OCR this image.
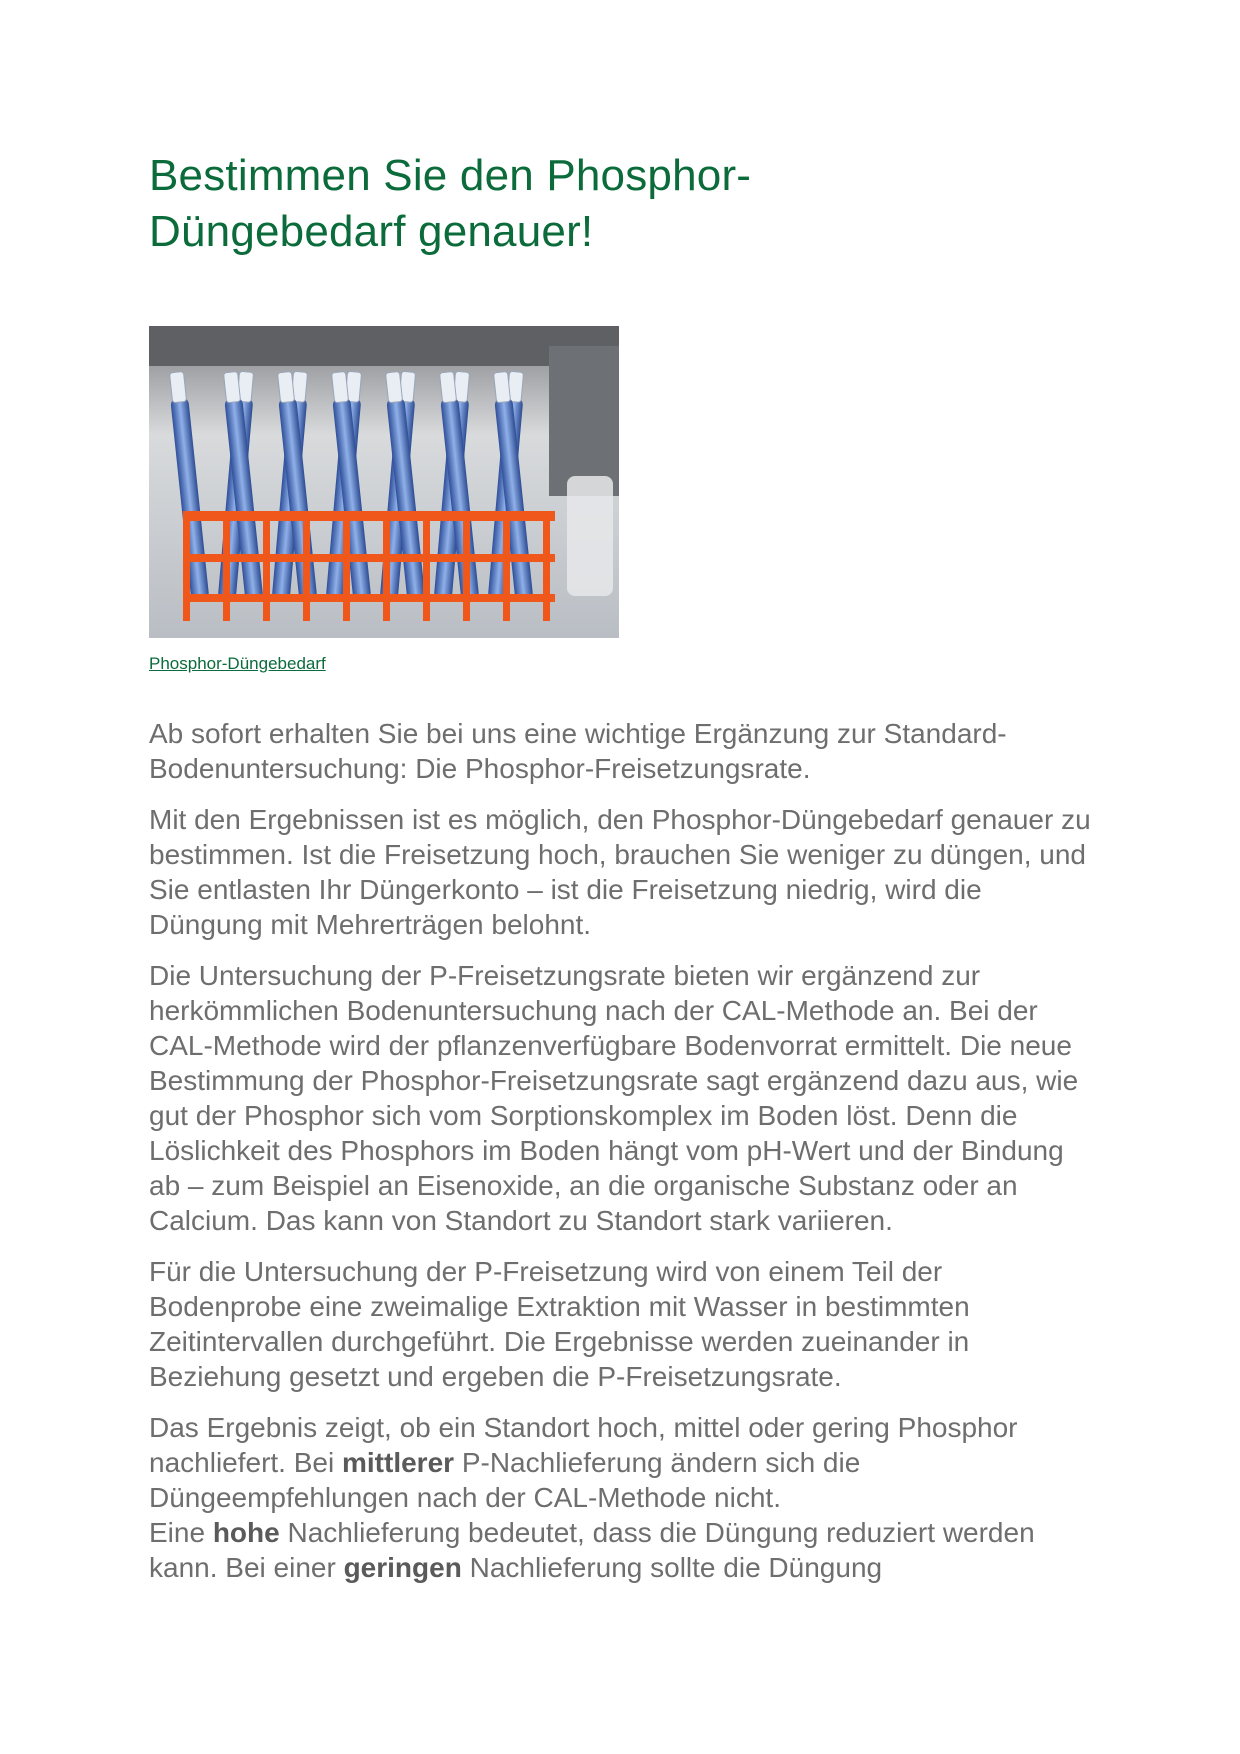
Bestimmen Sie den Phosphor-Düngebedarf genauer!
Phosphor-Düngebedarf

Ab sofort erhalten Sie bei uns eine wichtige Ergänzung zur Standard-Bodenuntersuchung: Die Phosphor-Freisetzungsrate.

Mit den Ergebnissen ist es möglich, den Phosphor-Düngebedarf genauer zu bestimmen. Ist die Freisetzung hoch, brauchen Sie weniger zu düngen, und Sie entlasten Ihr Düngerkonto – ist die Freisetzung niedrig, wird die Düngung mit Mehrerträgen belohnt.

Die Untersuchung der P-Freisetzungsrate bieten wir ergänzend zur herkömmlichen Bodenuntersuchung nach der CAL-Methode an. Bei der CAL-Methode wird der pflanzenverfügbare Bodenvorrat ermittelt. Die neue Bestimmung der Phosphor-Freisetzungsrate sagt ergänzend dazu aus, wie gut der Phosphor sich vom Sorptionskomplex im Boden löst. Denn die Löslichkeit des Phosphors im Boden hängt vom pH-Wert und der Bindung ab – zum Beispiel an Eisenoxide, an die organische Substanz oder an Calcium. Das kann von Standort zu Standort stark variieren.

Für die Untersuchung der P-Freisetzung wird von einem Teil der Bodenprobe eine zweimalige Extraktion mit Wasser in bestimmten Zeitintervallen durchgeführt. Die Ergebnisse werden zueinander in Beziehung gesetzt und ergeben die P-Freisetzungsrate.

Das Ergebnis zeigt, ob ein Standort hoch, mittel oder gering Phosphor nachliefert. Bei mittlerer P-Nachlieferung ändern sich die Düngeempfehlungen nach der CAL-Methode nicht.

Eine hohe Nachlieferung bedeutet, dass die Düngung reduziert werden kann. Bei einer geringen Nachlieferung sollte die Düngung
